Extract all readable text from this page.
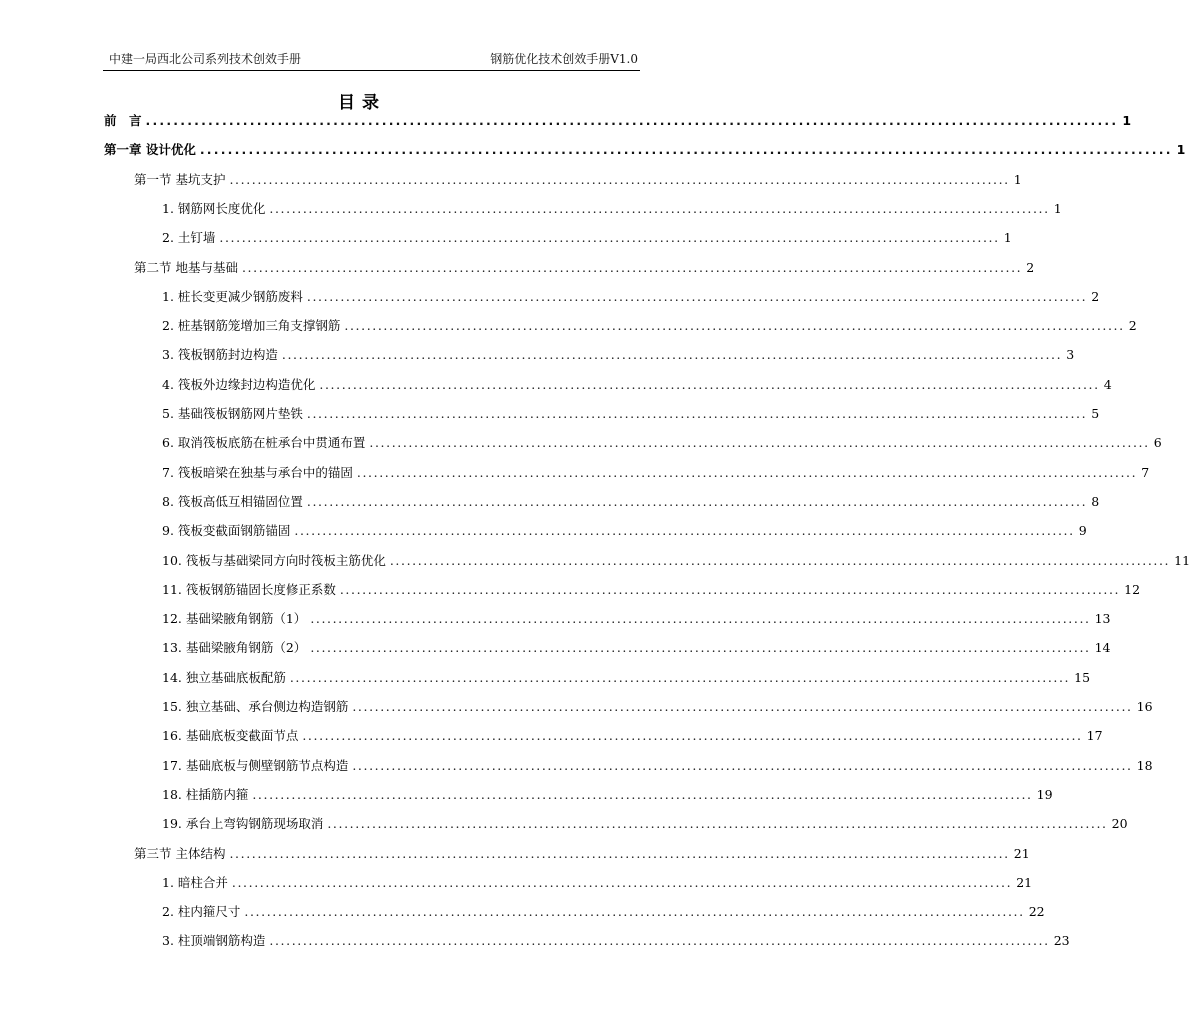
中建一局西北公司系列技术创效手册	钢筋优化技术创效手册V1.0
目录
前　言 ............................................................................................................................................ 1
第一章 设计优化 ............................................................................................................................................ 1
第一节 基坑支护 ............................................................................................................................................ 1
1. 钢筋网长度优化 ............................................................................................................................................ 1
2. 土钉墙 ............................................................................................................................................ 1
第二节 地基与基础 ............................................................................................................................................ 2
1. 桩长变更减少钢筋废料 ............................................................................................................................................ 2
2. 桩基钢筋笼增加三角支撑钢筋 ............................................................................................................................................ 2
3. 筏板钢筋封边构造 ............................................................................................................................................ 3
4. 筏板外边缘封边构造优化 ............................................................................................................................................ 4
5. 基础筏板钢筋网片垫铁 ............................................................................................................................................ 5
6. 取消筏板底筋在桩承台中贯通布置 ............................................................................................................................................ 6
7. 筏板暗梁在独基与承台中的锚固 ............................................................................................................................................ 7
8. 筏板高低互相锚固位置 ............................................................................................................................................ 8
9. 筏板变截面钢筋锚固 ............................................................................................................................................ 9
10. 筏板与基础梁同方向时筏板主筋优化 ............................................................................................................................................ 11
11. 筏板钢筋锚固长度修正系数 ............................................................................................................................................ 12
12. 基础梁腋角钢筋（1） ............................................................................................................................................ 13
13. 基础梁腋角钢筋（2） ............................................................................................................................................ 14
14. 独立基础底板配筋 ............................................................................................................................................ 15
15. 独立基础、承台侧边构造钢筋 ............................................................................................................................................ 16
16. 基础底板变截面节点 ............................................................................................................................................ 17
17. 基础底板与侧壁钢筋节点构造 ............................................................................................................................................ 18
18. 柱插筋内箍 ............................................................................................................................................ 19
19. 承台上弯钩钢筋现场取消 ............................................................................................................................................ 20
第三节 主体结构 ............................................................................................................................................ 21
1. 暗柱合并 ............................................................................................................................................ 21
2. 柱内箍尺寸 ............................................................................................................................................ 22
3. 柱顶端钢筋构造 ............................................................................................................................................ 23
